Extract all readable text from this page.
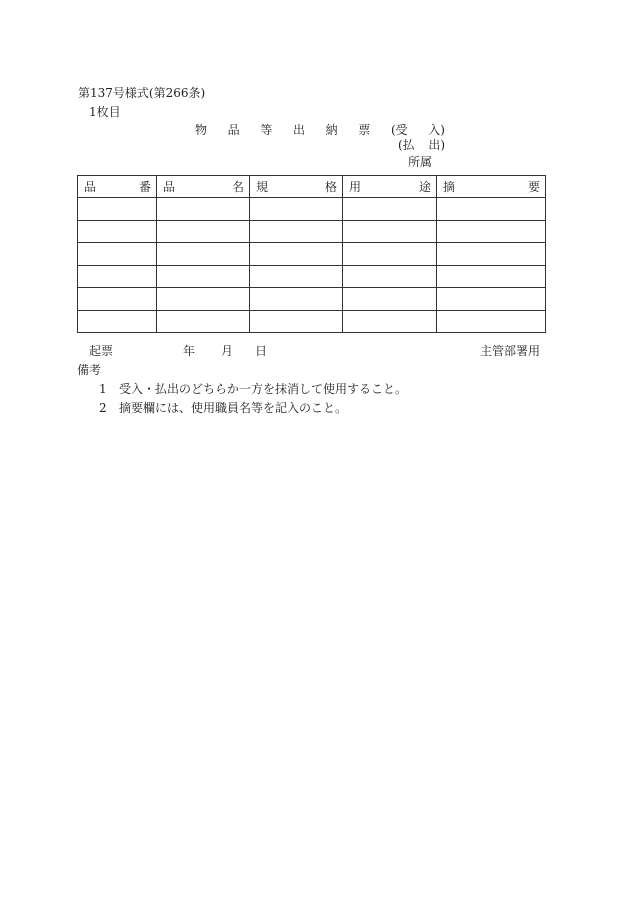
第137号様式(第266条)
1枚目
物 品 等 出 納 票 (受 入)
(払 出)
所属
品 番	品 名	規 格	用 途	摘 要

起票	年 月 日	主管部署用
備考
1 受入・払出のどちらか一方を抹消して使用すること。
2 摘要欄には、使用職員名等を記入のこと。
